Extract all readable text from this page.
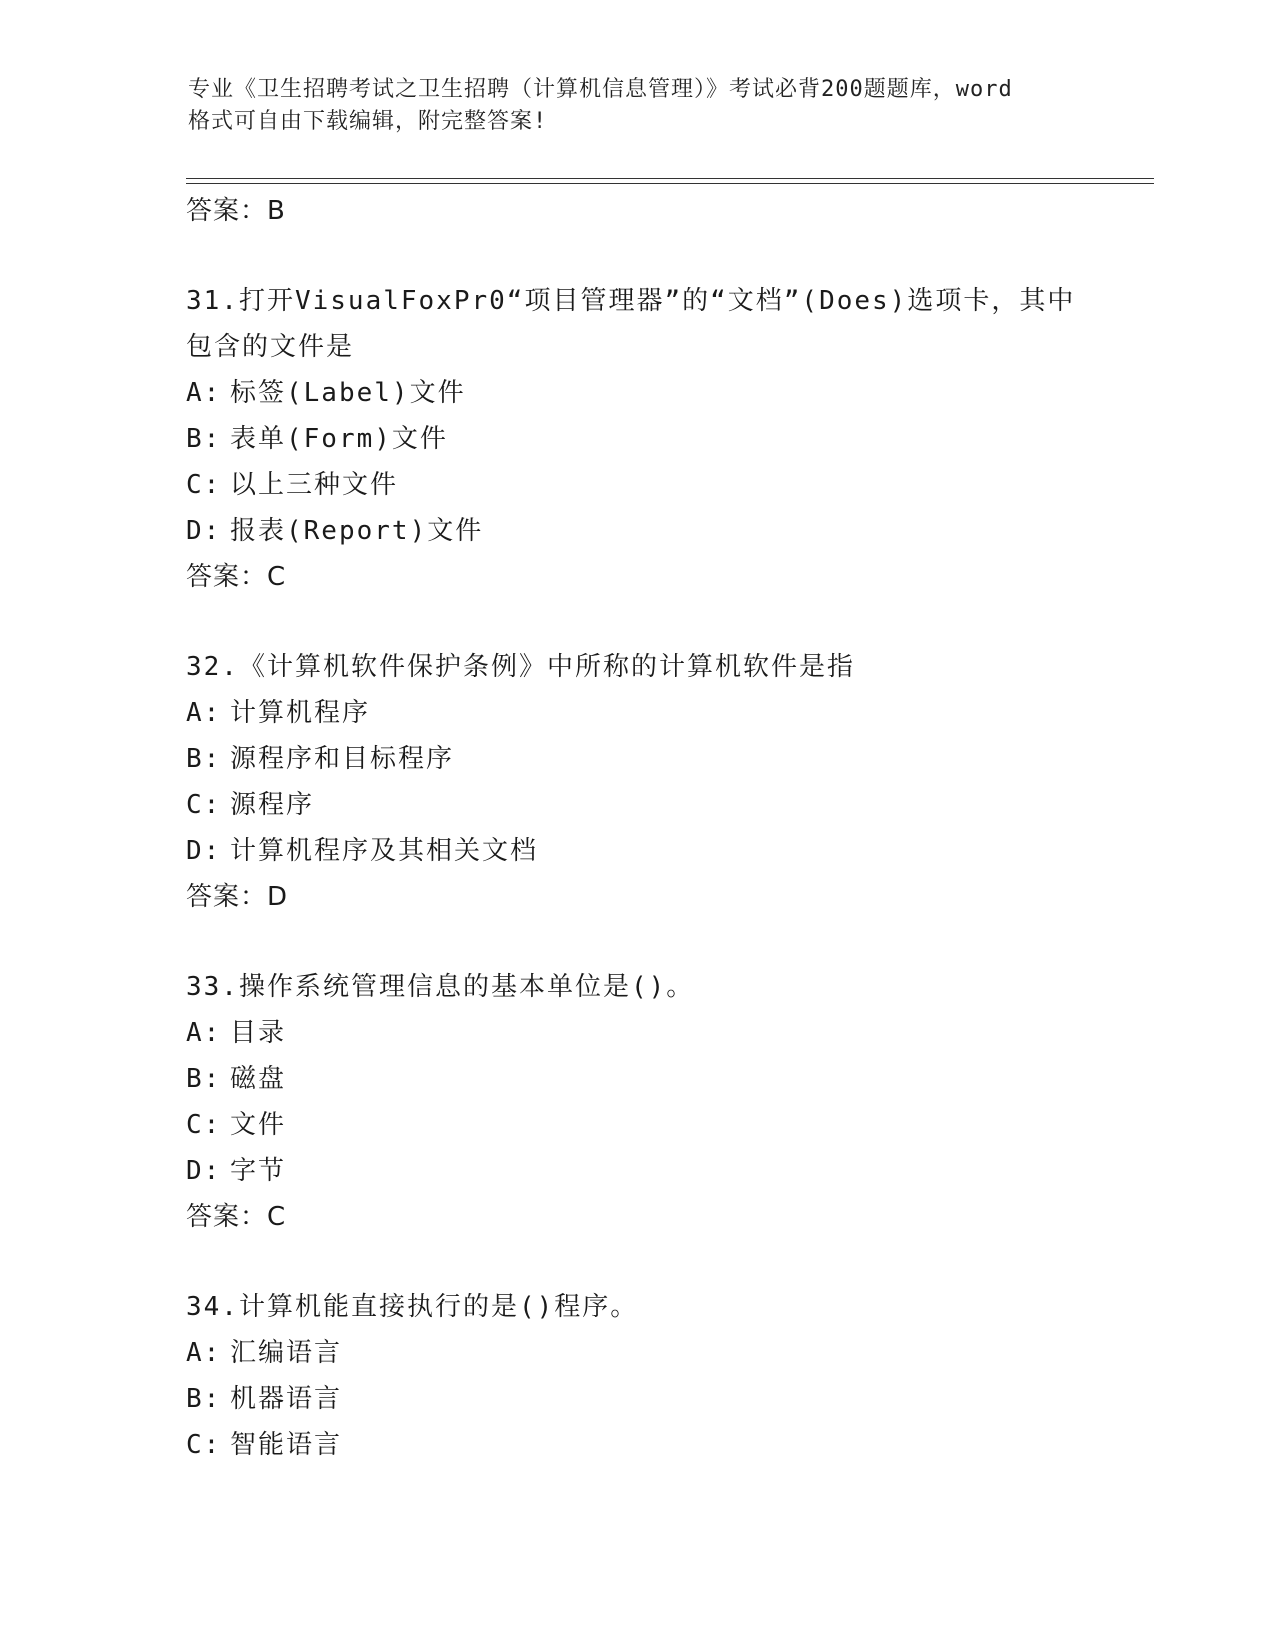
专业《卫生招聘考试之卫生招聘（计算机信息管理）》考试必背200题题库，word
格式可自由下载编辑，附完整答案!
答案：B
31.打开VisualFoxPr0“项目管理器”的“文档”(Does)选项卡，其中
包含的文件是
A: 标签(Label)文件
B: 表单(Form)文件
C: 以上三种文件
D: 报表(Report)文件
答案：C
32.《计算机软件保护条例》中所称的计算机软件是指
A: 计算机程序
B: 源程序和目标程序
C: 源程序
D: 计算机程序及其相关文档
答案：D
33.操作系统管理信息的基本单位是()。
A: 目录
B: 磁盘
C: 文件
D: 字节
答案：C
34.计算机能直接执行的是()程序。
A: 汇编语言
B: 机器语言
C: 智能语言
